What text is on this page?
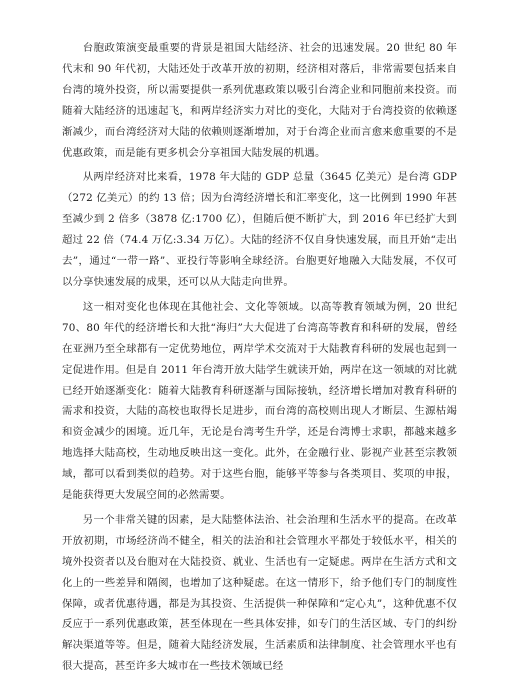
台胞政策演变最重要的背景是祖国大陆经济、社会的迅速发展。20 世纪 80 年代末和 90 年代初，大陆还处于改革开放的初期，经济相对落后，非常需要包括来自台湾的境外投资，所以需要提供一系列优惠政策以吸引台湾企业和同胞前来投资。而随着大陆经济的迅速起飞，和两岸经济实力对比的变化，大陆对于台湾投资的依赖逐渐减少，而台湾经济对大陆的依赖则逐渐增加，对于台湾企业而言愈来愈重要的不是优惠政策，而是能有更多机会分享祖国大陆发展的机遇。

从两岸经济对比来看，1978 年大陆的 GDP 总量（3645 亿美元）是台湾 GDP（272 亿美元）的约 13 倍；因为台湾经济增长和汇率变化，这一比例到 1990 年甚至减少到 2 倍多（3878 亿:1700 亿），但随后便不断扩大，到 2016 年已经扩大到超过 22 倍（74.4 万亿:3.34 万亿）。大陆的经济不仅自身快速发展，而且开始“走出去”，通过“一带一路”、亚投行等影响全球经济。台胞更好地融入大陆发展，不仅可以分享快速发展的成果，还可以从大陆走向世界。

这一相对变化也体现在其他社会、文化等领域。以高等教育领域为例，20 世纪 70、80 年代的经济增长和大批“海归”大大促进了台湾高等教育和科研的发展，曾经在亚洲乃至全球都有一定优势地位，两岸学术交流对于大陆教育科研的发展也起到一定促进作用。但是自 2011 年台湾开放大陆学生就读开始，两岸在这一领域的对比就已经开始逐渐变化：随着大陆教育科研逐渐与国际接轨，经济增长增加对教育科研的需求和投资，大陆的高校也取得长足进步，而台湾的高校则出现人才断层、生源枯竭和资金减少的困境。近几年，无论是台湾考生升学，还是台湾博士求职，都越来越多地选择大陆高校，生动地反映出这一变化。此外，在金融行业、影视产业甚至宗教领域，都可以看到类似的趋势。对于这些台胞，能够平等参与各类项目、奖项的申报，是能获得更大发展空间的必然需要。

另一个非常关键的因素，是大陆整体法治、社会治理和生活水平的提高。在改革开放初期，市场经济尚不健全，相关的法治和社会管理水平都处于较低水平，相关的境外投资者以及台胞对在大陆投资、就业、生活也有一定疑虑。两岸在生活方式和文化上的一些差异和隔阂，也增加了这种疑虑。在这一情形下，给予他们专门的制度性保障，或者优惠待遇，都是为其投资、生活提供一种保障和“定心丸”，这种优惠不仅反应于一系列优惠政策，甚至体现在一些具体安排，如专门的生活区域、专门的纠纷解决渠道等等。但是，随着大陆经济发展，生活素质和法律制度、社会管理水平也有很大提高，甚至许多大城市在一些技术领域已经
